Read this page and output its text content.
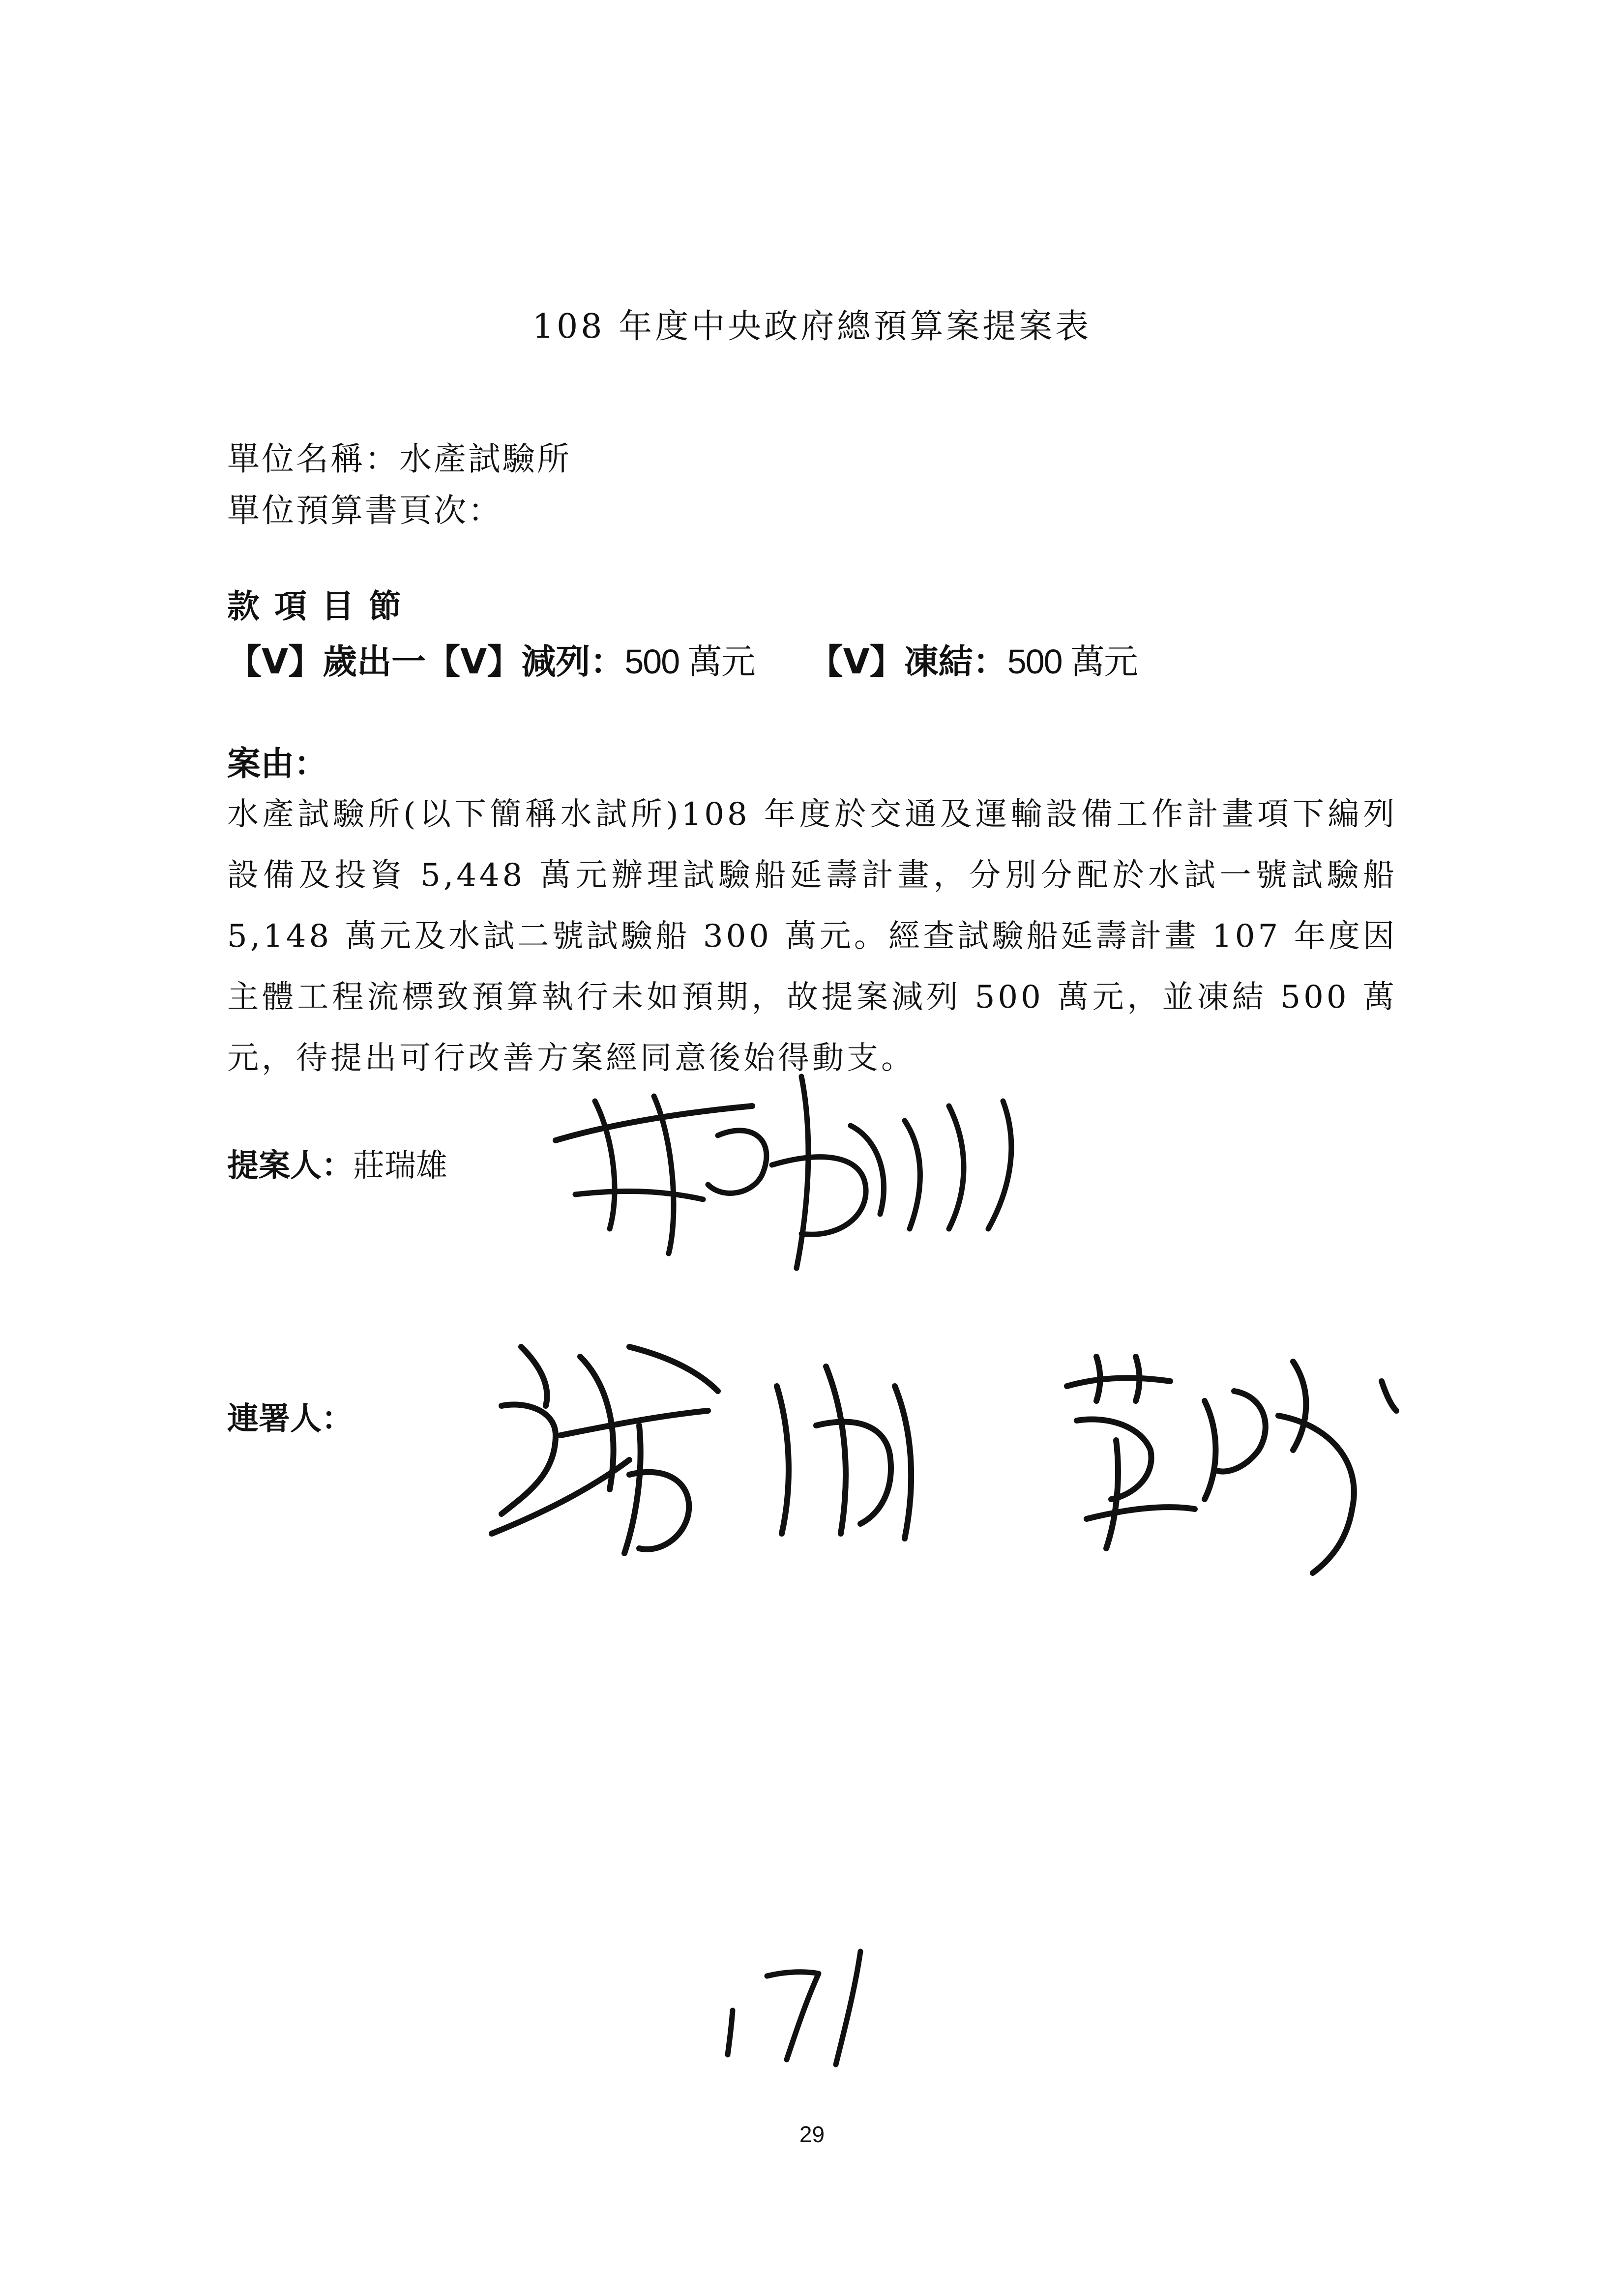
108 年度中央政府總預算案提案表
單位名稱：水產試驗所
單位預算書頁次：
款項目節
【V】歲出一【V】減列：500 萬元 【V】凍結：500 萬元
案由：
水產試驗所(以下簡稱水試所)108 年度於交通及運輸設備工作計畫項下編列設備及投資 5,448 萬元辦理試驗船延壽計畫，分別分配於水試一號試驗船 5,148 萬元及水試二號試驗船 300 萬元。經查試驗船延壽計畫 107 年度因主體工程流標致預算執行未如預期，故提案減列 500 萬元，並凍結 500 萬元，待提出可行改善方案經同意後始得動支。
提案人：莊瑞雄
連署人：
29
